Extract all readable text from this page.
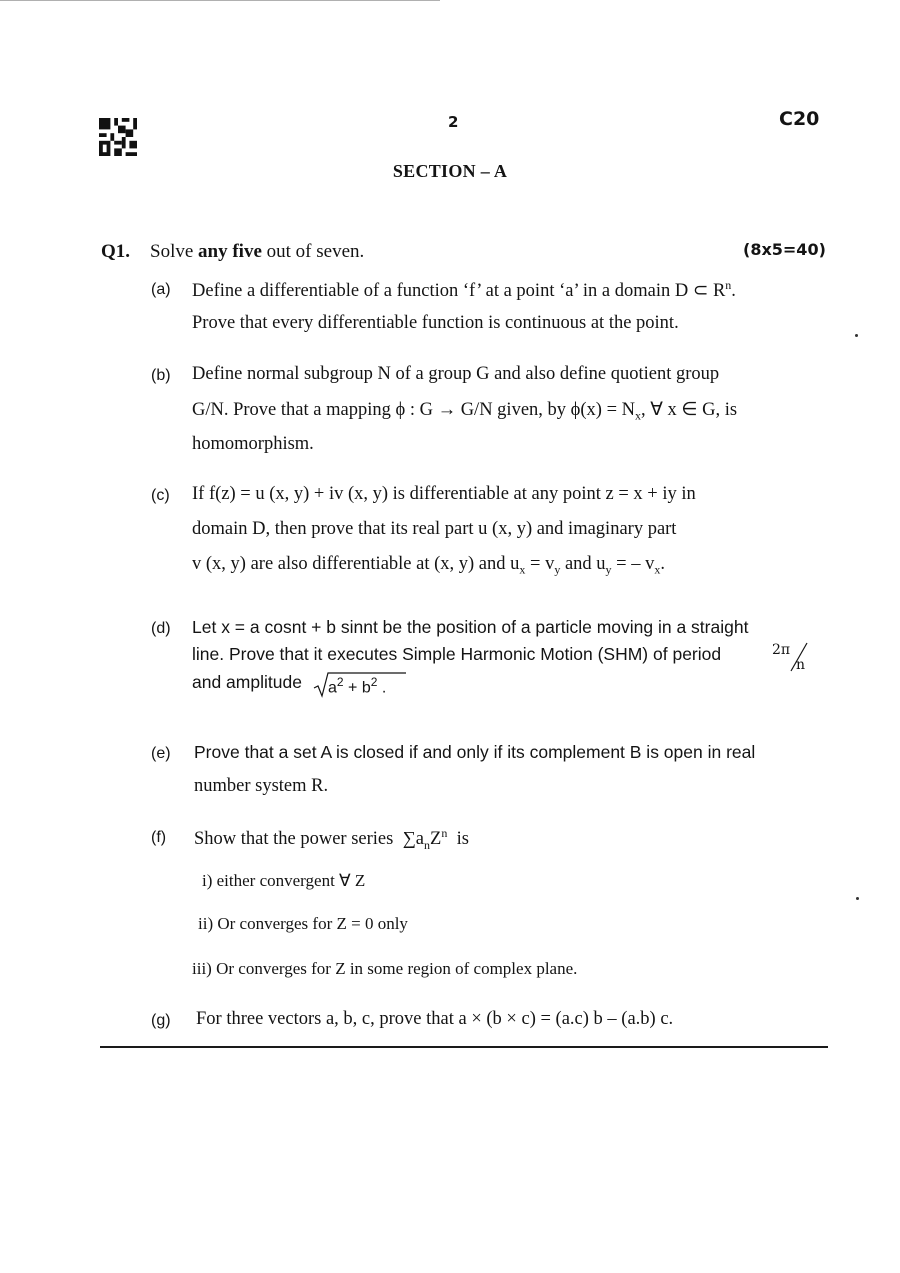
2	C20
SECTION – A
Q1. Solve any five out of seven.	(8x5=40)
(a) Define a differentiable of a function ‘f’ at a point ‘a’ in a domain D ⊂ $R^n$.
Prove that every differentiable function is continuous at the point.
(b) Define normal subgroup N of a group G and also define quotient group
G/N. Prove that a mapping ϕ : G → G/N given, by $\phi(x) = N_x$, ∀ x ∈ G, is
homomorphism.
(c) If f(z) = u (x, y) + iv (x, y) is differentiable at any point z = x + iy in
domain D, then prove that its real part u (x, y) and imaginary part
v (x, y) are also differentiable at (x, y) and $u_x = v_y$ and $u_y$ = – $v_x$.
(d) Let x = a cosnt + b sinnt be the position of a particle moving in a straight
line. Prove that it executes Simple Harmonic Motion (SHM) of period	2π
n
and amplitude $a^2 + b^2$ .
(e) Prove that a set A is closed if and only if its complement B is open in real
number system R.
(f) Show that the power series $\sum a_nZ^n$ is
i) either convergent ∀ Z
ii) Or converges for Z = 0 only
iii) Or converges for Z in some region of complex plane.
(g) For three vectors a, b, c, prove that a × (b × c) = (a.c) b – (a.b) c.
